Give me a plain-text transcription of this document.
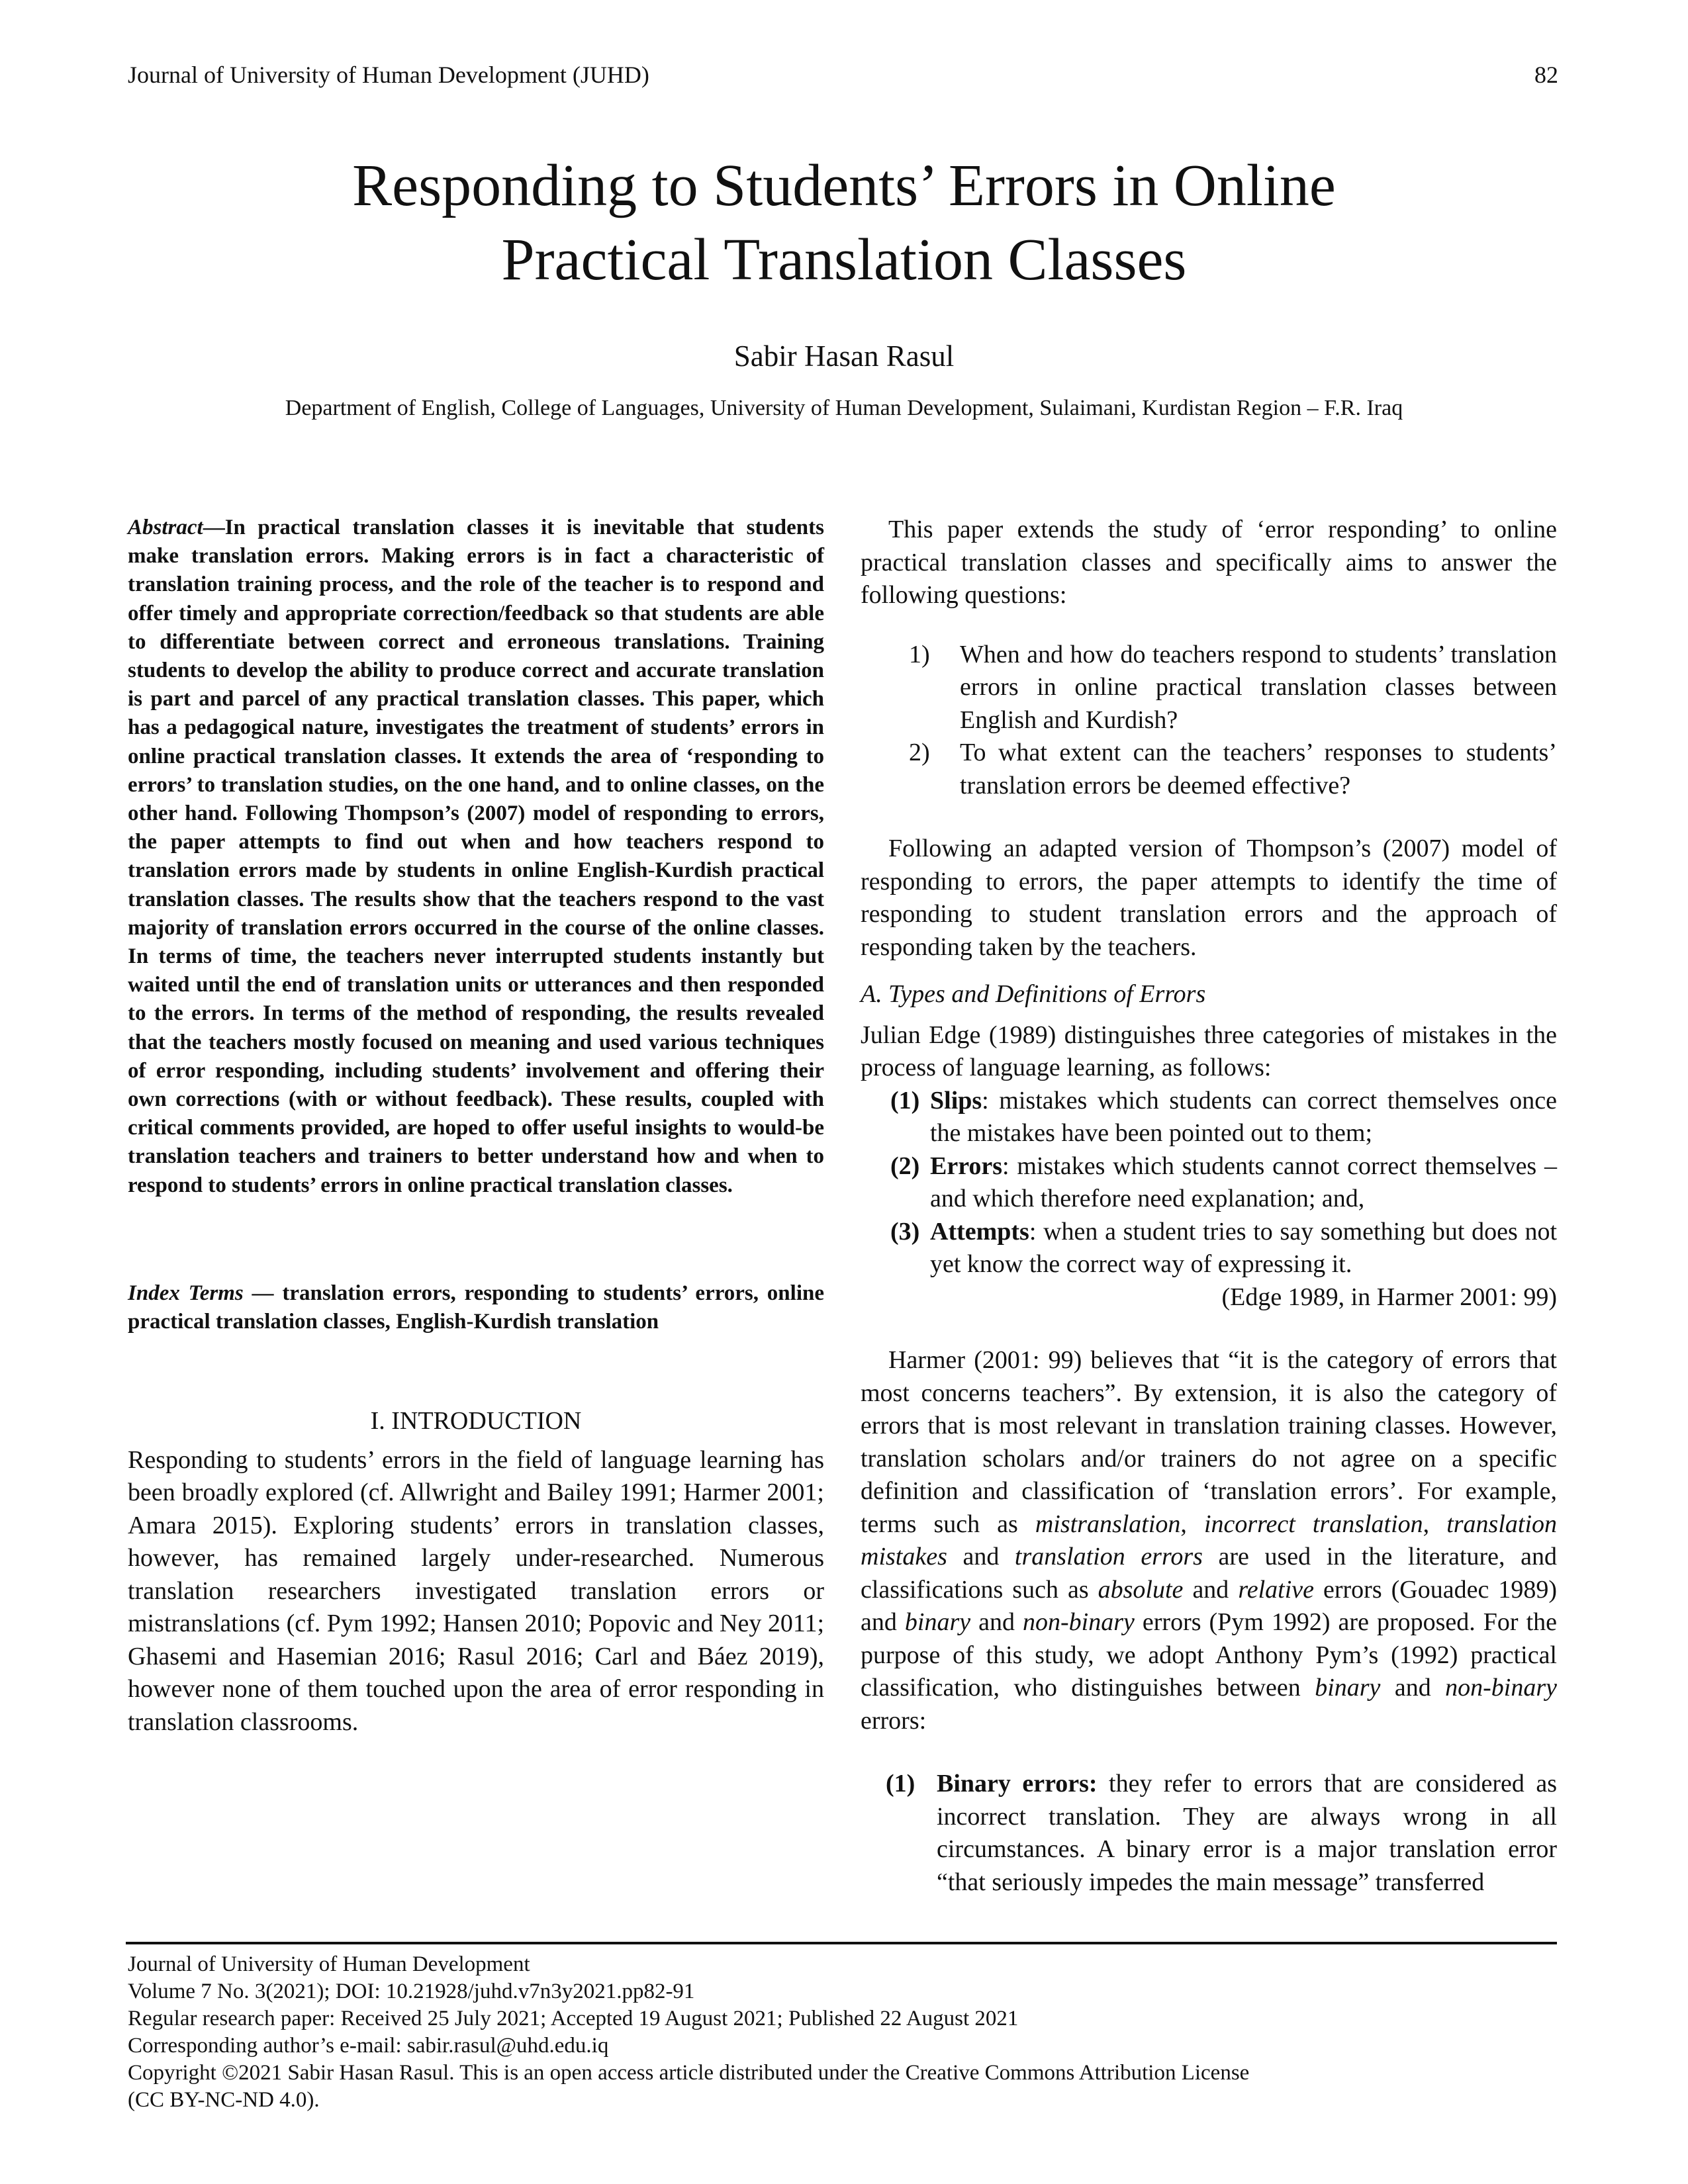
Journal of University of Human Development (JUHD)	82
Responding to Students’ Errors in Online
Practical Translation Classes
Sabir Hasan Rasul
Department of English, College of Languages, University of Human Development, Sulaimani, Kurdistan Region – F.R. Iraq

Abstract—In practical translation classes it is inevitable that students make translation errors. Making errors is in fact a characteristic of translation training process, and the role of the teacher is to respond and offer timely and appropriate correction/feedback so that students are able to differentiate between correct and erroneous translations. Training students to develop the ability to produce correct and accurate translation is part and parcel of any practical translation classes. This paper, which has a pedagogical nature, investigates the treatment of students’ errors in online practical translation classes. It extends the area of ‘responding to errors’ to translation studies, on the one hand, and to online classes, on the other hand. Following Thompson’s (2007) model of responding to errors, the paper attempts to find out when and how teachers respond to translation errors made by students in online English-Kurdish practical translation classes. The results show that the teachers respond to the vast majority of translation errors occurred in the course of the online classes. In terms of time, the teachers never interrupted students instantly but waited until the end of translation units or utterances and then responded to the errors. In terms of the method of responding, the results revealed that the teachers mostly focused on meaning and used various techniques of error responding, including students’ involvement and offering their own corrections (with or without feedback). These results, coupled with critical comments provided, are hoped to offer useful insights to would-be translation teachers and trainers to better understand how and when to respond to students’ errors in online practical translation classes.

Index Terms — translation errors, responding to students’ errors, online practical translation classes, English-Kurdish translation

I. INTRODUCTION

Responding to students’ errors in the field of language learning has been broadly explored (cf. Allwright and Bailey 1991; Harmer 2001; Amara 2015). Exploring students’ errors in translation classes, however, has remained largely under-researched. Numerous translation researchers investigated translation errors or mistranslations (cf. Pym 1992; Hansen 2010; Popovic and Ney 2011; Ghasemi and Hasemian 2016; Rasul 2016; Carl and Báez 2019), however none of them touched upon the area of error responding in translation classrooms.

This paper extends the study of ‘error responding’ to online practical translation classes and specifically aims to answer the following questions:

1) When and how do teachers respond to students’ translation errors in online practical translation classes between English and Kurdish?
2) To what extent can the teachers’ responses to students’ translation errors be deemed effective?

Following an adapted version of Thompson’s (2007) model of responding to errors, the paper attempts to identify the time of responding to student translation errors and the approach of responding taken by the teachers.

A. Types and Definitions of Errors

Julian Edge (1989) distinguishes three categories of mistakes in the process of language learning, as follows:

(1) Slips: mistakes which students can correct themselves once the mistakes have been pointed out to them;
(2) Errors: mistakes which students cannot correct themselves – and which therefore need explanation; and,
(3) Attempts: when a student tries to say something but does not yet know the correct way of expressing it.
(Edge 1989, in Harmer 2001: 99)

Harmer (2001: 99) believes that “it is the category of errors that most concerns teachers”. By extension, it is also the category of errors that is most relevant in translation training classes. However, translation scholars and/or trainers do not agree on a specific definition and classification of ‘translation errors’. For example, terms such as mistranslation, incorrect translation, translation mistakes and translation errors are used in the literature, and classifications such as absolute and relative errors (Gouadec 1989) and binary and non-binary errors (Pym 1992) are proposed. For the purpose of this study, we adopt Anthony Pym’s (1992) practical classification, who distinguishes between binary and non-binary errors:

(1) Binary errors: they refer to errors that are considered as incorrect translation. They are always wrong in all circumstances. A binary error is a major translation error “that seriously impedes the main message” transferred
Journal of University of Human Development
Volume 7 No. 3(2021); DOI: 10.21928/juhd.v7n3y2021.pp82-91
Regular research paper: Received 25 July 2021; Accepted 19 August 2021; Published 22 August 2021
Corresponding author’s e-mail: sabir.rasul@uhd.edu.iq
Copyright ©2021 Sabir Hasan Rasul. This is an open access article distributed under the Creative Commons Attribution License
(CC BY-NC-ND 4.0).
